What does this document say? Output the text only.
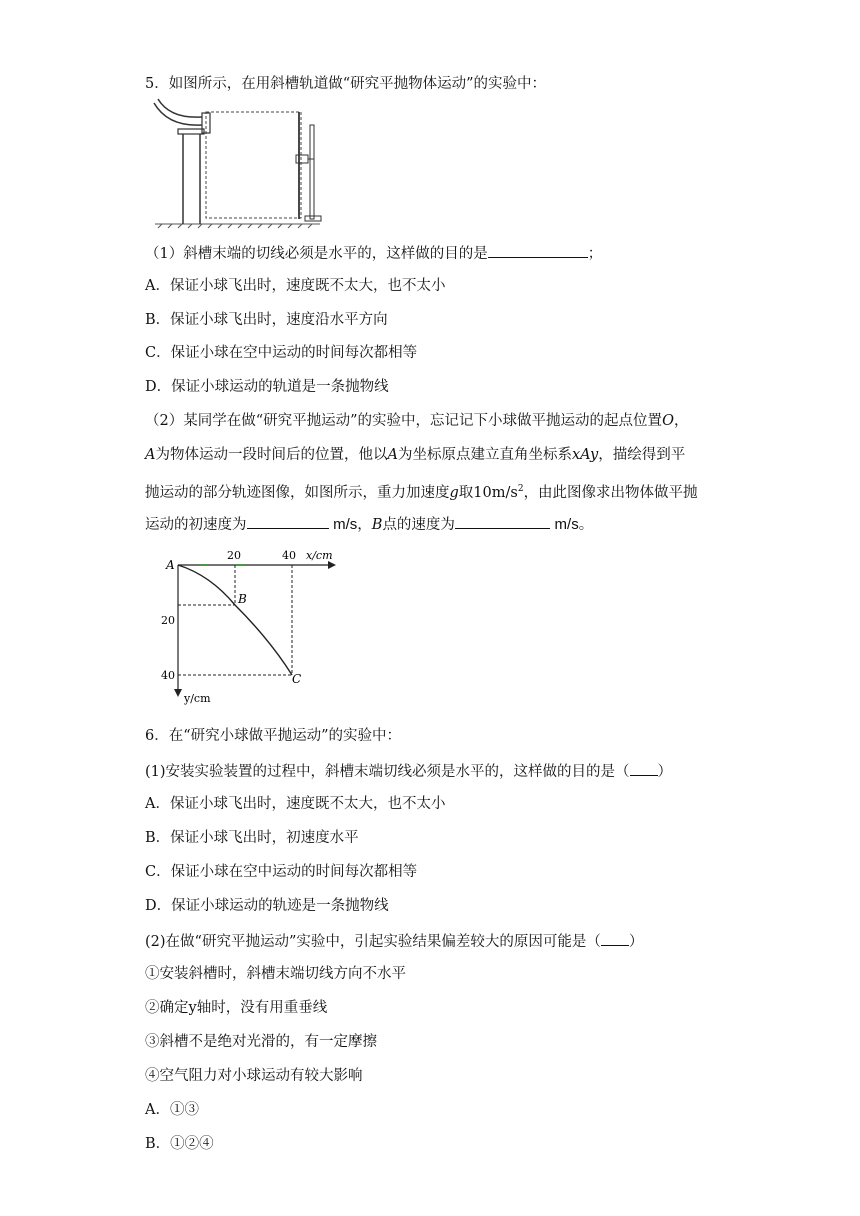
5．如图所示，在用斜槽轨道做“研究平抛物体运动”的实验中：
（1）斜槽末端的切线必须是水平的，这样做的目的是	；
A．保证小球飞出时，速度既不太大，也不太小
B．保证小球飞出时，速度沿水平方向
C．保证小球在空中运动的时间每次都相等
D．保证小球运动的轨道是一条抛物线
（2）某同学在做“研究平抛运动”的实验中，忘记记下小球做平抛运动的起点位置O，
A为物体运动一段时间后的位置，他以A为坐标原点建立直角坐标系xAy，描绘得到平
抛运动的部分轨迹图像，如图所示，重力加速度g取$10m/s^2$，由此图像求出物体做平抛
运动的初速度为	m/s，B点的速度为	m/s。
A
B
C
20	40 x/cm
20
40
y/cm
6．在“研究小球做平抛运动”的实验中：
(1)安装实验装置的过程中，斜槽末端切线必须是水平的，这样做的目的是（ ）
A．保证小球飞出时，速度既不太大，也不太小
B．保证小球飞出时，初速度水平
C．保证小球在空中运动的时间每次都相等
D．保证小球运动的轨迹是一条抛物线
(2)在做“研究平抛运动”实验中，引起实验结果偏差较大的原因可能是（ ）
①安装斜槽时，斜槽末端切线方向不水平
②确定y轴时，没有用重垂线
③斜槽不是绝对光滑的，有一定摩擦
④空气阻力对小球运动有较大影响
A．①③
B．①②④
